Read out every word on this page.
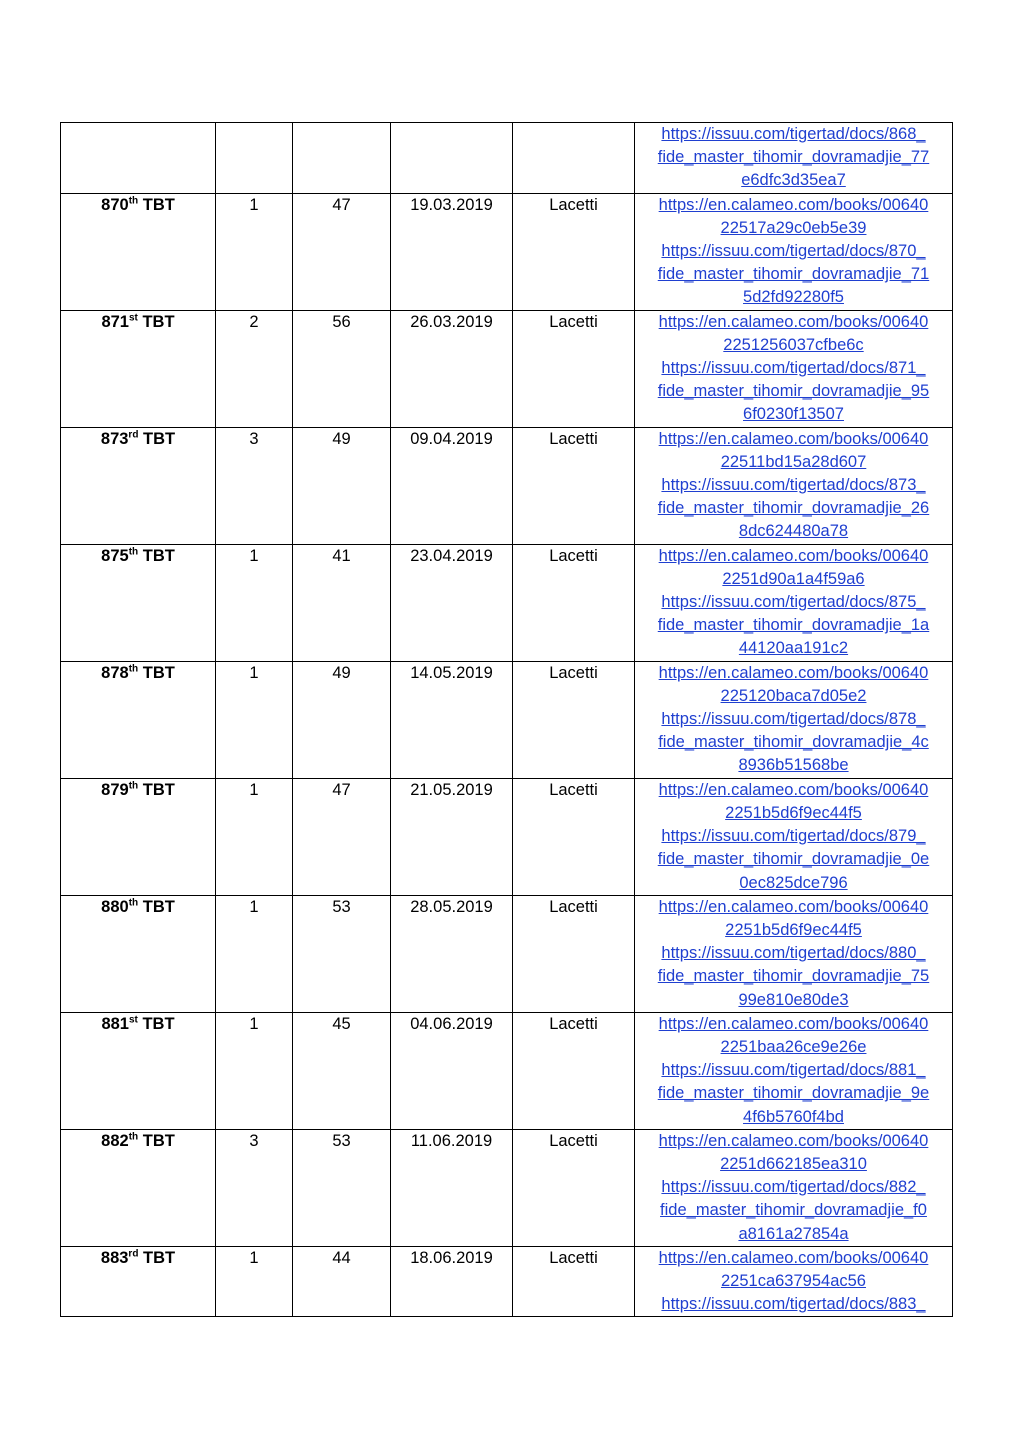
					https://issuu.com/tigertad/docs/868_
fide_master_tihomir_dovramadjie_77
e6dfc3d35ea7

870th TBT	1	47	19.03.2019	Lacetti	https://en.calameo.com/books/00640
22517a29c0eb5e39
https://issuu.com/tigertad/docs/870_
fide_master_tihomir_dovramadjie_71
5d2fd92280f5

871st TBT	2	56	26.03.2019	Lacetti	https://en.calameo.com/books/00640
2251256037cfbe6c
https://issuu.com/tigertad/docs/871_
fide_master_tihomir_dovramadjie_95
6f0230f13507

873rd TBT	3	49	09.04.2019	Lacetti	https://en.calameo.com/books/00640
22511bd15a28d607
https://issuu.com/tigertad/docs/873_
fide_master_tihomir_dovramadjie_26
8dc624480a78

875th TBT	1	41	23.04.2019	Lacetti	https://en.calameo.com/books/00640
2251d90a1a4f59a6
https://issuu.com/tigertad/docs/875_
fide_master_tihomir_dovramadjie_1a
44120aa191c2

878th TBT	1	49	14.05.2019	Lacetti	https://en.calameo.com/books/00640
225120baca7d05e2
https://issuu.com/tigertad/docs/878_
fide_master_tihomir_dovramadjie_4c
8936b51568be

879th TBT	1	47	21.05.2019	Lacetti	https://en.calameo.com/books/00640
2251b5d6f9ec44f5
https://issuu.com/tigertad/docs/879_
fide_master_tihomir_dovramadjie_0e
0ec825dce796

880th TBT	1	53	28.05.2019	Lacetti	https://en.calameo.com/books/00640
2251b5d6f9ec44f5
https://issuu.com/tigertad/docs/880_
fide_master_tihomir_dovramadjie_75
99e810e80de3

881st TBT	1	45	04.06.2019	Lacetti	https://en.calameo.com/books/00640
2251baa26ce9e26e
https://issuu.com/tigertad/docs/881_
fide_master_tihomir_dovramadjie_9e
4f6b5760f4bd

882th TBT	3	53	11.06.2019	Lacetti	https://en.calameo.com/books/00640
2251d662185ea310
https://issuu.com/tigertad/docs/882_
fide_master_tihomir_dovramadjie_f0
a8161a27854a

883rd TBT	1	44	18.06.2019	Lacetti	https://en.calameo.com/books/00640
2251ca637954ac56
https://issuu.com/tigertad/docs/883_
